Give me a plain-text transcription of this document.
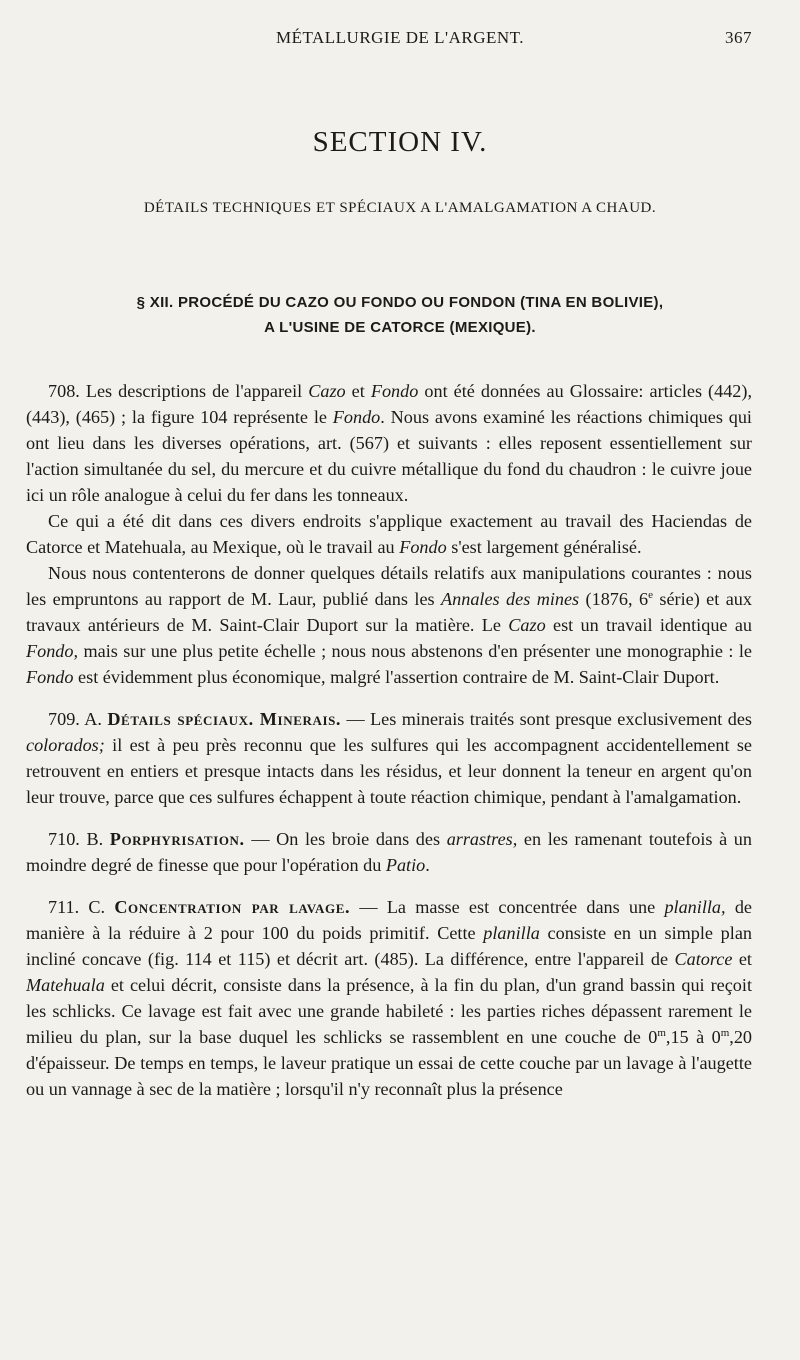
MÉTALLURGIE DE L'ARGENT.	367
SECTION IV.
DÉTAILS TECHNIQUES ET SPÉCIAUX A L'AMALGAMATION A CHAUD.
§ XII. PROCÉDÉ DU CAZO OU FONDO OU FONDON (TINA EN BOLIVIE),
A L'USINE DE CATORCE (MEXIQUE).

708. Les descriptions de l'appareil Cazo et Fondo ont été données au Glossaire: articles (442), (443), (465) ; la figure 104 représente le Fondo. Nous avons examiné les réactions chimiques qui ont lieu dans les diverses opérations, art. (567) et suivants : elles reposent essentiellement sur l'action simultanée du sel, du mercure et du cuivre métallique du fond du chaudron : le cuivre joue ici un rôle analogue à celui du fer dans les tonneaux.

Ce qui a été dit dans ces divers endroits s'applique exactement au travail des Haciendas de Catorce et Matehuala, au Mexique, où le travail au Fondo s'est largement généralisé.

Nous nous contenterons de donner quelques détails relatifs aux manipulations courantes : nous les empruntons au rapport de M. Laur, publié dans les Annales des mines (1876, 6e série) et aux travaux antérieurs de M. Saint-Clair Duport sur la matière. Le Cazo est un travail identique au Fondo, mais sur une plus petite échelle ; nous nous abstenons d'en présenter une monographie : le Fondo est évidemment plus économique, malgré l'assertion contraire de M. Saint-Clair Duport.

709. A. Détails spéciaux. Minerais. — Les minerais traités sont presque exclusivement des colorados; il est à peu près reconnu que les sulfures qui les accompagnent accidentellement se retrouvent en entiers et presque intacts dans les résidus, et leur donnent la teneur en argent qu'on leur trouve, parce que ces sulfures échappent à toute réaction chimique, pendant à l'amalgamation.

710. B. Porphyrisation. — On les broie dans des arrastres, en les ramenant toutefois à un moindre degré de finesse que pour l'opération du Patio.

711. C. Concentration par lavage. — La masse est concentrée dans une planilla, de manière à la réduire à 2 pour 100 du poids primitif. Cette planilla consiste en un simple plan incliné concave (fig. 114 et 115) et décrit art. (485). La différence, entre l'appareil de Catorce et Matehuala et celui décrit, consiste dans la présence, à la fin du plan, d'un grand bassin qui reçoit les schlicks. Ce lavage est fait avec une grande habileté : les parties riches dépassent rarement le milieu du plan, sur la base duquel les schlicks se rassemblent en une couche de 0$^m$,15 à 0$^m$,20 d'épaisseur. De temps en temps, le laveur pratique un essai de cette couche par un lavage à l'augette ou un vannage à sec de la matière ; lorsqu'il n'y reconnaît plus la présence
